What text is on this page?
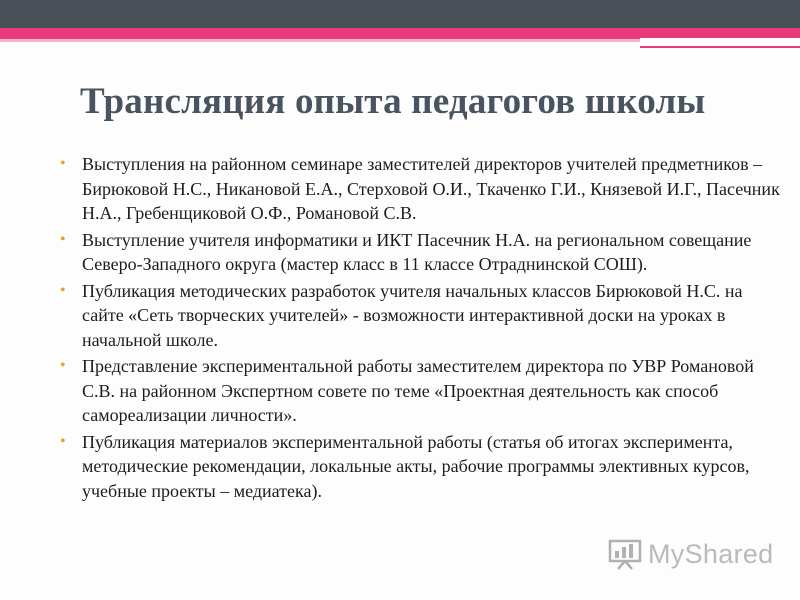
Трансляция опыта педагогов школы
• Выступления на районном семинаре заместителей директоров учителей предметников –Бирюковой Н.С., Никановой Е.А., Стерховой О.И., Ткаченко Г.И., Князевой И.Г., Пасечник Н.А., Гребенщиковой О.Ф., Романовой С.В.
• Выступление учителя информатики и ИКТ Пасечник Н.А. на региональном совещание Северо-Западного округа (мастер класс в 11 классе Отраднинской СОШ).
• Публикация методических разработок учителя начальных классов Бирюковой Н.С. на сайте «Сеть творческих учителей» - возможности интерактивной доски на уроках в начальной школе.
• Представление экспериментальной работы заместителем директора по УВР Романовой С.В. на районном Экспертном совете по теме «Проектная деятельность как способ самореализации личности».
• Публикация материалов экспериментальной работы (статья об итогах эксперимента, методические рекомендации, локальные акты, рабочие программы элективных курсов, учебные проекты – медиатека).
MyShared
